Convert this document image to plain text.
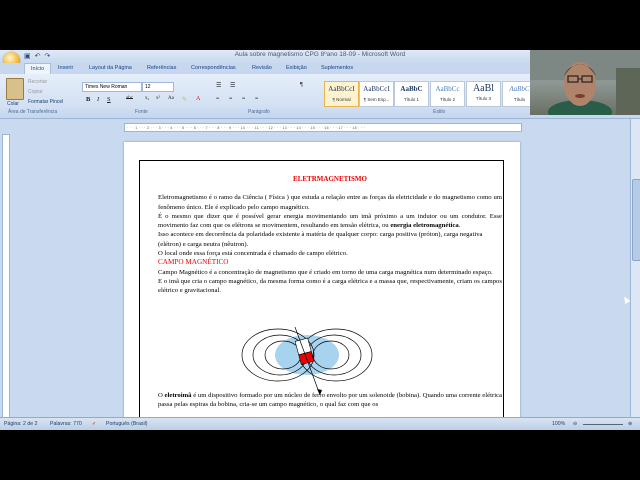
Aula sobre magnetismo CPG 8ºano 18-09 - Microsoft Word
▣ ↶ ↷
Início	Inserir	Layout da Página	Referências	Correspondências	Revisão	Exibição	Suplementos
Colar
Recortar
Copiar
Formatar Pincel
Área de Transferência
Times New Roman	12
B I S	abc x₂ x² Aa ✎ A
Fonte
☰ ☰
≡ ≡ ≡ ≡
¶
Parágrafo
AaBbCcI
¶ Normal
AaBbCcI
¶ Sem Esp...
AaBbC
Título 1
AaBbCc
Título 2
AaBl
Título 3
AaBbC
Título
Estilo
· · · 1 · · · 2 · · · 3 · · · 4 · · · 5 · · · 6 · · · 7 · · · 8 · · · 9 · · · 10 · · · 11 · · · 12 · · · 13 · · · 14 · · · 15 · · · 16 · · · 17 · · · 18 · · ·

ELETRMAGNETISMO

Eletromagnetismo é o ramo da Ciência ( Física ) que estuda a relação entre as forças da eletricidade e do magnetismo como um fenômeno único. Ele é explicado pelo campo magnético.

É o mesmo que dizer que é possível gerar energia movimentando um imã próximo a um indutor ou um condutor. Esse movimento faz com que os elétrons se movimentem, resultando em tensão elétrica, ou energia eletromagnética.

Isso acontece em decorrência da polaridade existente à matéria de qualquer corpo: carga positiva (próton), carga negativa (elétron) e carga neutra (nêutron).

O local onde essa força está concentrada é chamado de campo elétrico.

CAMPO MAGNÉTICO

Campo Magnético é a concentração de magnetismo que é criado em torno de uma carga magnética num determinado espaço.

E o imã que cria o campo magnético, da mesma forma como é a carga elétrica e a massa que, respectivamente, criam os campos elétrico e gravitacional.

O eletroimã é um dispositivo formado por um núcleo de ferro envolto por um solenoide (bobina). Quando uma corrente elétrica passa pelas espiras da bobina, cria-se um campo magnético, o qual faz com que os

Página: 2 de 2 Palavras: 770 ✓ Português (Brasil)	100% ⊖	⊕
